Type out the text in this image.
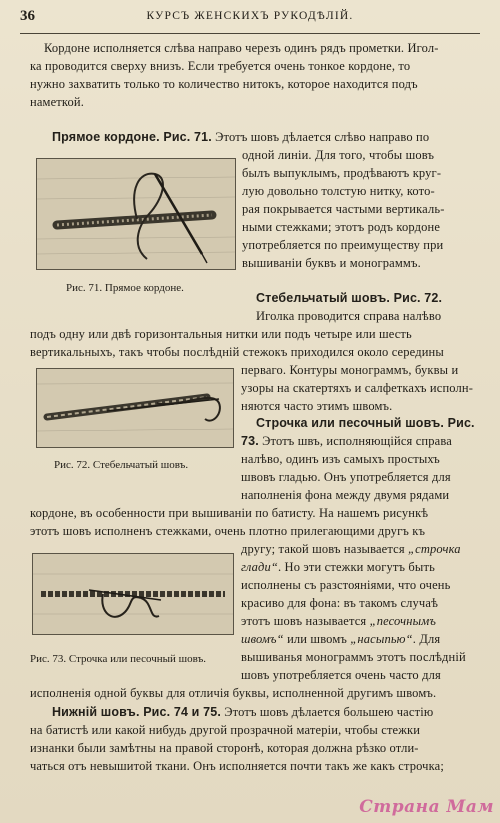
36	КУРСЪ ЖЕНСКИХЪ РУКОДѢЛІЙ.
Кордоне исполняется слѣва направо черезъ одинъ рядъ прометки. Игол-
ка проводится сверху внизъ. Если требуется очень тонкое кордоне, то
нужно захватить только то количество нитокъ, которое находится подъ
наметкой.
Прямое кордоне. Рис. 71. Этотъ шовъ дѣлается слѣво направо по
одной линіи. Для того, чтобы шовъ
былъ выпуклымъ, продѣваютъ круг-
лую довольно толстую нитку, кото-
рая покрывается частыми вертикаль-
ными стежками; этотъ родъ кордоне
употребляется по преимуществу при
вышиваніи буквъ и монограммъ.
Рис. 71. Прямое кордоне.
Стебельчатый шовъ. Рис. 72.
Иголка проводится справа налѣво
подъ одну или двѣ горизонтальныя нитки или подъ четыре или шесть
вертикальныхъ, такъ чтобы послѣдній стежокъ приходился около середины
перваго. Контуры монограммъ, буквы и
узоры на скатертяхъ и салфеткахъ исполн-
няются часто этимъ швомъ.
Рис. 72. Стебельчатый шовъ.
Строчка или песочный шовъ. Рис.
73. Этотъ швъ, исполняющійся справа
налѣво, одинъ изъ самыхъ простыхъ
швовъ гладью. Онъ употребляется для
наполненія фона между двумя рядами
кордоне, въ особенности при вышиваніи по батисту. На нашемъ рисункѣ
этотъ шовъ исполненъ стежками, очень плотно прилегающими другъ къ
другу; такой шовъ называется „строчка
глади“. Но эти стежки могутъ быть
исполнены съ разстояніями, что очень
красиво для фона: въ такомъ случаѣ
этотъ шовъ называется „песочнымъ
швомъ“ или швомъ „насыпью“. Для
Рис. 73. Строчка или песочный шовъ.	вышиванья монограммъ этотъ послѣдній
шовъ употребляется очень часто для
исполненія одной буквы для отличія буквы, исполненной другимъ швомъ.
Нижній шовъ. Рис. 74 и 75. Этотъ шовъ дѣлается большею частію
на батистѣ или какой нибудь другой прозрачной матеріи, чтобы стежки
изнанки были замѣтны на правой сторонѣ, которая должна рѣзко отли-
чаться отъ невышитой ткани. Онъ исполняется почти такъ же какъ строчка;
Страна Мам
